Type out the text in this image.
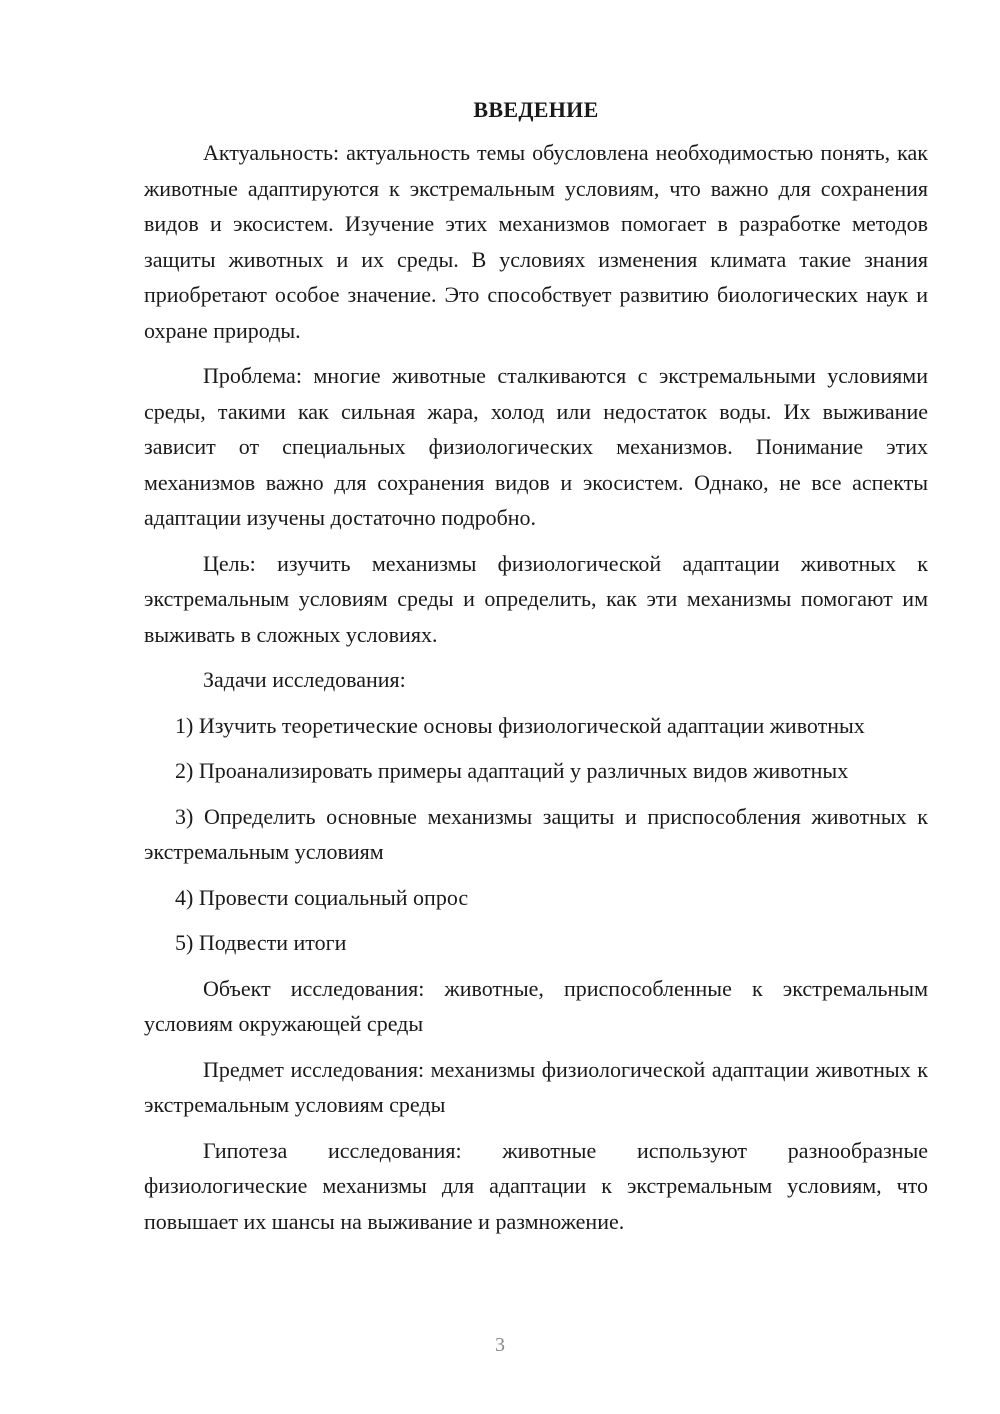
ВВЕДЕНИЕ

Актуальность: актуальность темы обусловлена необходимостью понять, как животные адаптируются к экстремальным условиям, что важно для сохранения видов и экосистем. Изучение этих механизмов помогает в разработке методов защиты животных и их среды. В условиях изменения климата такие знания приобретают особое значение. Это способствует развитию биологических наук и охране природы.

Проблема: многие животные сталкиваются с экстремальными условиями среды, такими как сильная жара, холод или недостаток воды. Их выживание зависит от специальных физиологических механизмов. Понимание этих механизмов важно для сохранения видов и экосистем. Однако, не все аспекты адаптации изучены достаточно подробно.

Цель: изучить механизмы физиологической адаптации животных к экстремальным условиям среды и определить, как эти механизмы помогают им выживать в сложных условиях.

Задачи исследования:

1) Изучить теоретические основы физиологической адаптации животных

2) Проанализировать примеры адаптаций у различных видов животных

3) Определить основные механизмы защиты и приспособления животных к экстремальным условиям

4) Провести социальный опрос

5) Подвести итоги

Объект исследования: животные, приспособленные к экстремальным условиям окружающей среды

Предмет исследования: механизмы физиологической адаптации животных к экстремальным условиям среды

Гипотеза исследования: животные используют разнообразные физиологические механизмы для адаптации к экстремальным условиям, что повышает их шансы на выживание и размножение.

3
